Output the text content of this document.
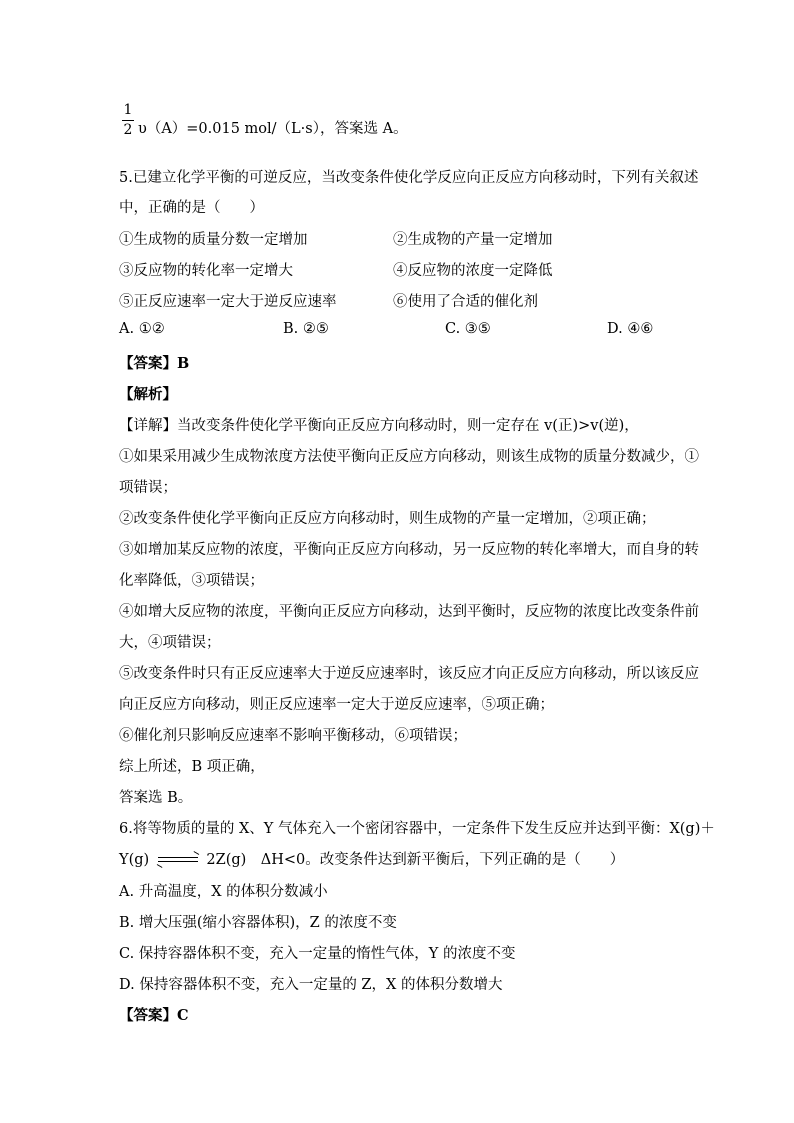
1
2 υ（A）=0.015 mol/（L·s），答案选 A。
5.已建立化学平衡的可逆反应，当改变条件使化学反应向正反应方向移动时，下列有关叙述
中，正确的是（　　）
①生成物的质量分数一定增加	②生成物的产量一定增加
③反应物的转化率一定增大	④反应物的浓度一定降低
⑤正反应速率一定大于逆反应速率	⑥使用了合适的催化剂
A. ①②	B. ②⑤	C. ③⑤	D. ④⑥
【答案】B
【解析】
【详解】当改变条件使化学平衡向正反应方向移动时，则一定存在 v(正)>v(逆)，
①如果采用减少生成物浓度方法使平衡向正反应方向移动，则该生成物的质量分数减少，①
项错误；
②改变条件使化学平衡向正反应方向移动时，则生成物的产量一定增加，②项正确；
③如增加某反应物的浓度，平衡向正反应方向移动，另一反应物的转化率增大，而自身的转
化率降低，③项错误；
④如增大反应物的浓度，平衡向正反应方向移动，达到平衡时，反应物的浓度比改变条件前
大，④项错误；
⑤改变条件时只有正反应速率大于逆反应速率时，该反应才向正反应方向移动，所以该反应
向正反应方向移动，则正反应速率一定大于逆反应速率，⑤项正确；
⑥催化剂只影响反应速率不影响平衡移动，⑥项错误；
综上所述，B 项正确，
答案选 B。
6.将等物质的量的 X、Y 气体充入一个密闭容器中，一定条件下发生反应并达到平衡：X(g)＋
Y(g) ⇌ 2Z(g)　ΔH<0。改变条件达到新平衡后，下列正确的是（　　）
A. 升高温度，X 的体积分数减小
B. 增大压强(缩小容器体积)，Z 的浓度不变
C. 保持容器体积不变，充入一定量的惰性气体，Y 的浓度不变
D. 保持容器体积不变，充入一定量的 Z，X 的体积分数增大
【答案】C
